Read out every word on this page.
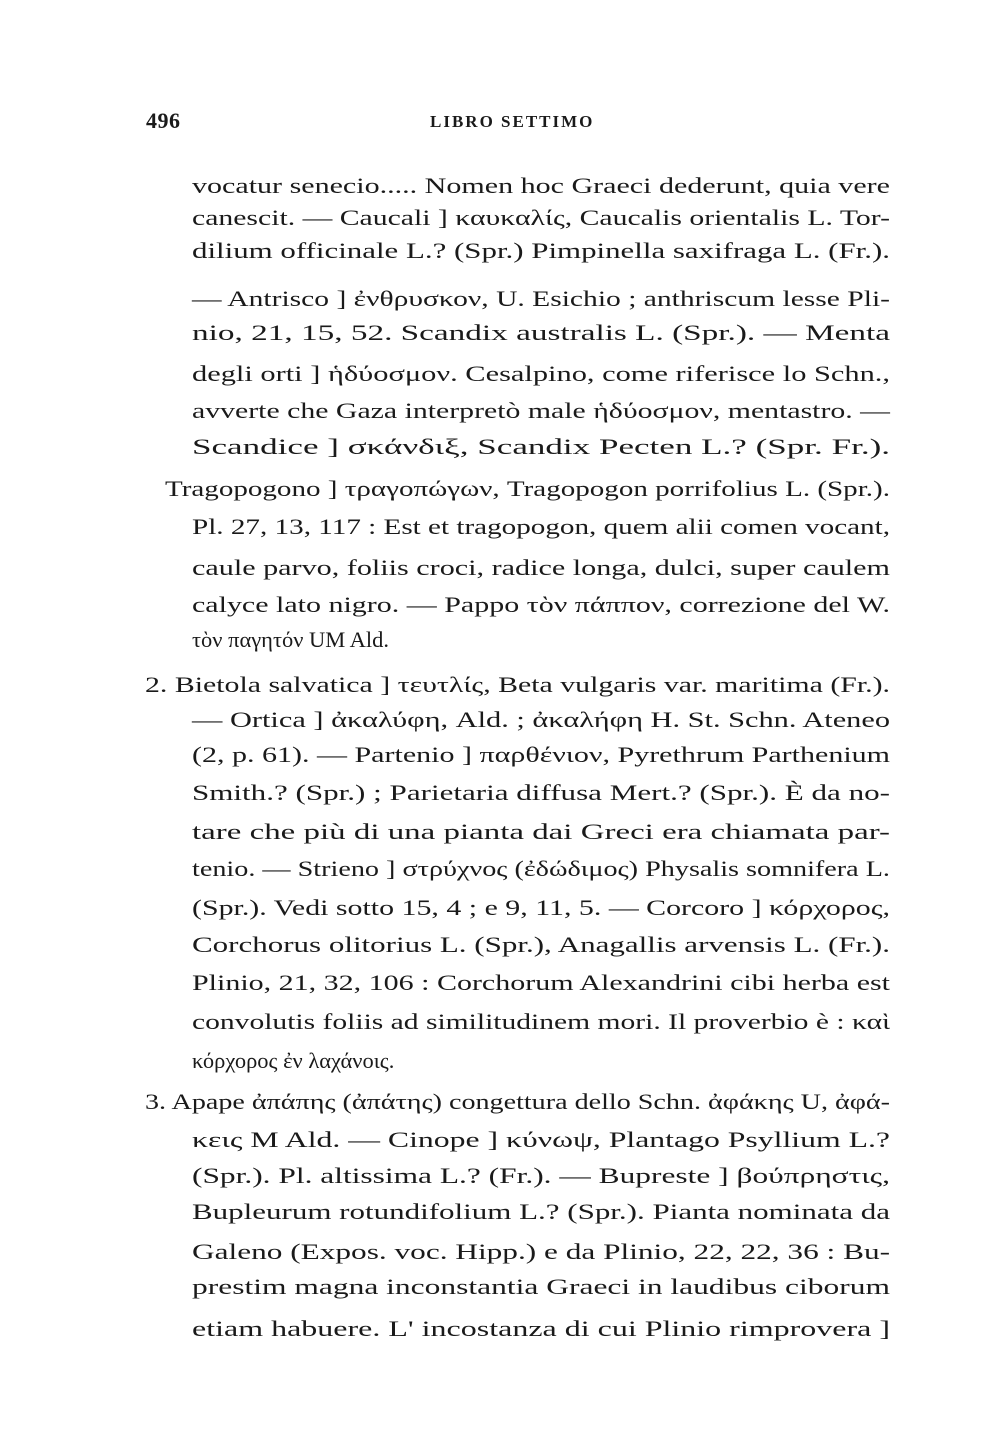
496	LIBRO SETTIMO
vocatur senecio..... Nomen hoc Graeci dederunt, quia vere
canescit. — Caucali ] καυκαλίς, Caucalis orientalis L. Tor-
dilium officinale L.? (Spr.) Pimpinella saxifraga L. (Fr.).
— Antrisco ] ἐνθρυσκον, U. Esichio ; anthriscum lesse Pli-
nio, 21, 15, 52. Scandix australis L. (Spr.). — Menta
degli orti ] ἡδύοσμον. Cesalpino, come riferisce lo Schn.,
avverte che Gaza interpretò male ἡδύοσμον, mentastro. —
Scandice ] σκάνδιξ, Scandix Pecten L.? (Spr. Fr.).
Tragopogono ] τραγοπώγων, Tragopogon porrifolius L. (Spr.).
Pl. 27, 13, 117 : Est et tragopogon, quem alii comen vocant,
caule parvo, foliis croci, radice longa, dulci, super caulem
calyce lato nigro. — Pappo τὸν πάππον, correzione del W.
τὸν παγητόν UM Ald.
2. Bietola salvatica ] τευτλίς, Beta vulgaris var. maritima (Fr.).
— Ortica ] ἀκαλύφη, Ald. ; ἀκαλήφη H. St. Schn. Ateneo
(2, p. 61). — Partenio ] παρθένιον, Pyrethrum Parthenium
Smith.? (Spr.) ; Parietaria diffusa Mert.? (Spr.). È da no-
tare che più di una pianta dai Greci era chiamata par-
tenio. — Strieno ] στρύχνος (ἐδώδιμος) Physalis somnifera L.
(Spr.). Vedi sotto 15, 4 ; e 9, 11, 5. — Corcoro ] κόρχορος,
Corchorus olitorius L. (Spr.), Anagallis arvensis L. (Fr.).
Plinio, 21, 32, 106 : Corchorum Alexandrini cibi herba est
convolutis foliis ad similitudinem mori. Il proverbio è : καὶ
κόρχορος ἐν λαχάνοις.
3. Apape ἀπάπης (ἀπάτης) congettura dello Schn. ἀφάκης U, ἀφά-
κεις M Ald. — Cinope ] κύνωψ, Plantago Psyllium L.?
(Spr.). Pl. altissima L.? (Fr.). — Bupreste ] βούπρηστις,
Bupleurum rotundifolium L.? (Spr.). Pianta nominata da
Galeno (Expos. voc. Hipp.) e da Plinio, 22, 22, 36 : Bu-
prestim magna inconstantia Graeci in laudibus ciborum
etiam habuere. L' incostanza di cui Plinio rimprovera ]
